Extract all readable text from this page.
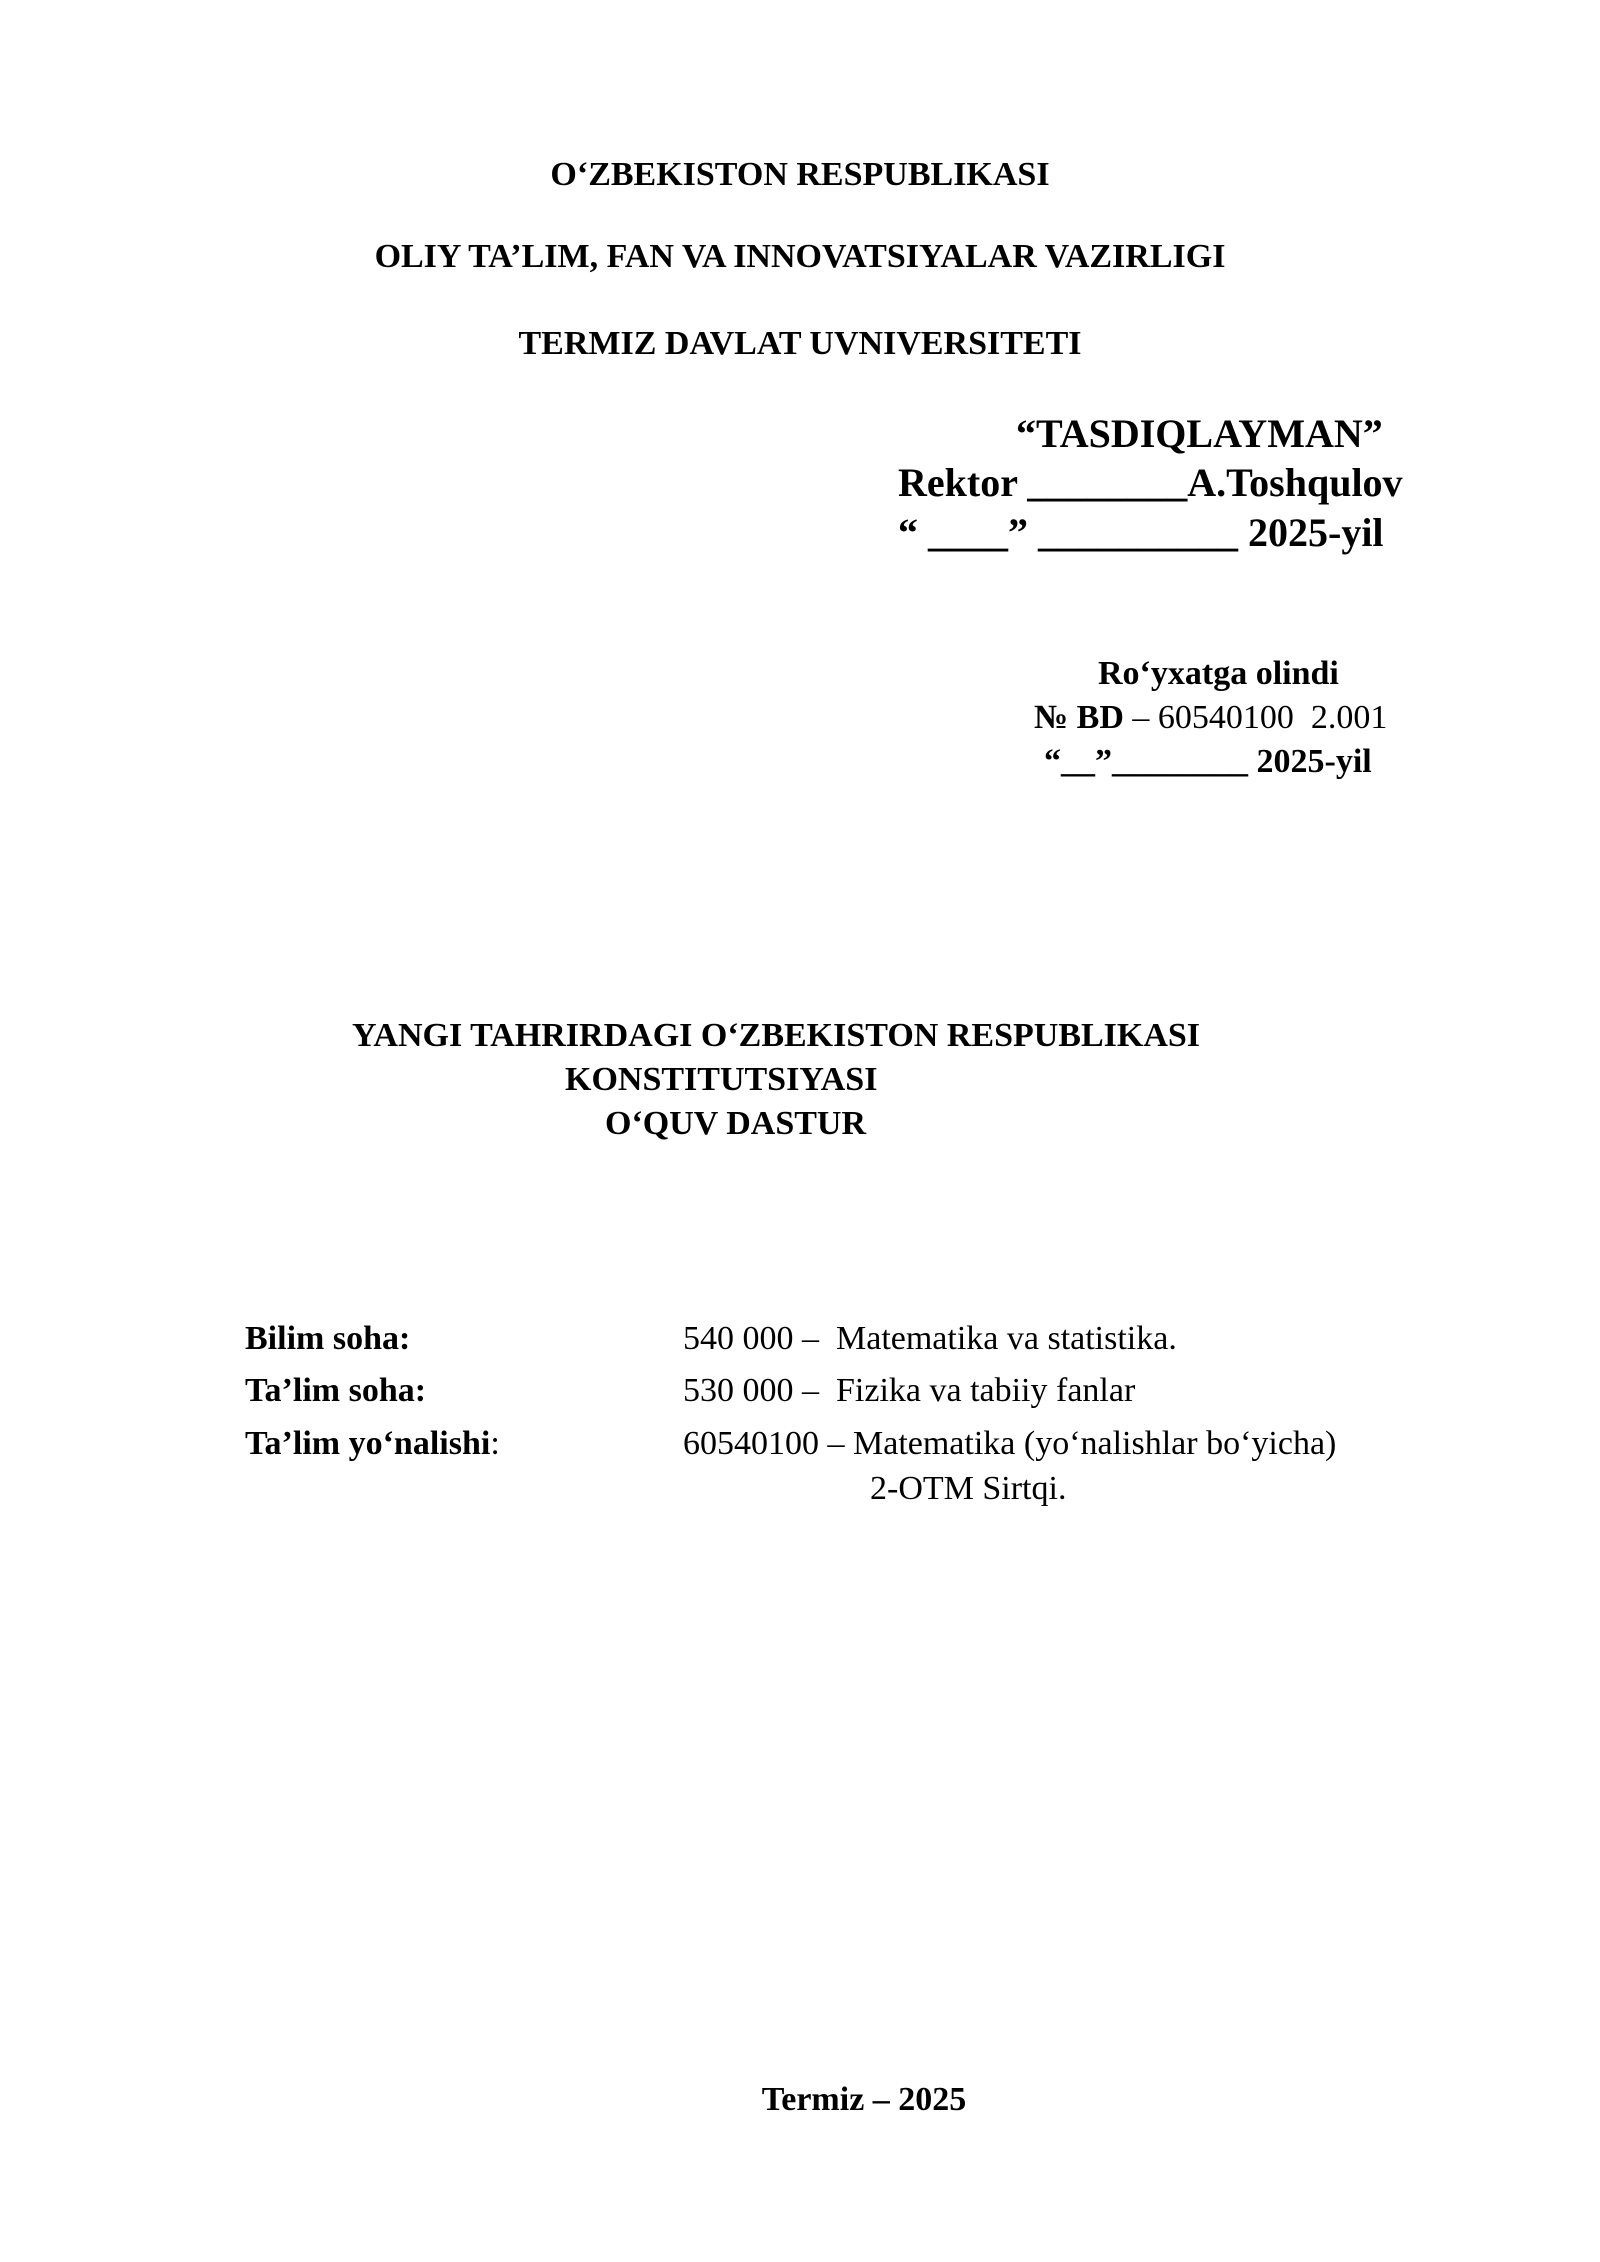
O‘ZBEKISTON RESPUBLIKASI
OLIY TA’LIM, FAN VA INNOVATSIYALAR VAZIRLIGI
TERMIZ DAVLAT UVNIVERSITETI
“TASDIQLAYMAN”
Rektor ________A.Toshqulov
“ ____” __________ 2025-yil
Ro‘yxatga olindi
№ BD – 60540100  2.001
“__”________ 2025-yil
YANGI TAHRIRDAGI O‘ZBEKISTON RESPUBLIKASI
KONSTITUTSIYASI
O‘QUV DASTUR
Bilim soha:	540 000 –  Matematika va statistika.
Ta’lim soha:	530 000 –  Fizika va tabiiy fanlar
Ta’lim yo‘nalishi:	60540100 – Matematika (yo‘nalishlar bo‘yicha)
2-OTM Sirtqi.
Termiz – 2025
